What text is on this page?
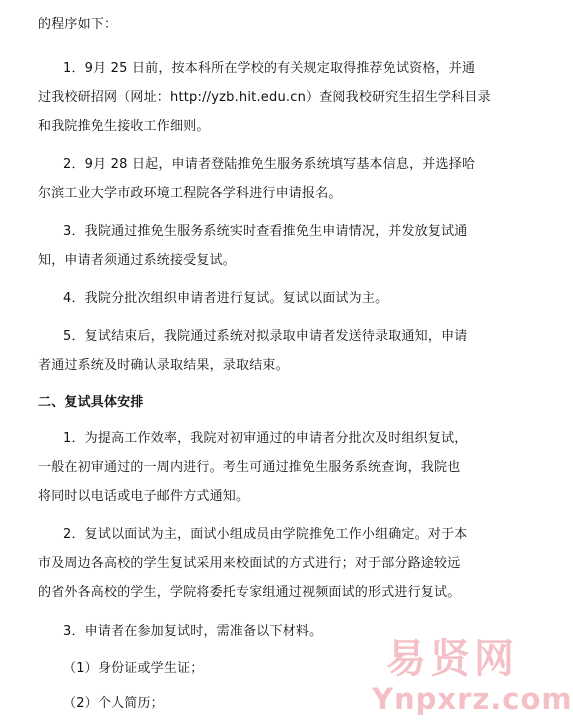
的程序如下：
1．9月 25 日前，按本科所在学校的有关规定取得推荐免试资格，并通
过我校研招网（网址：http://yzb.hit.edu.cn）查阅我校研究生招生学科目录
和我院推免生接收工作细则。
2．9月 28 日起，申请者登陆推免生服务系统填写基本信息，并选择哈
尔滨工业大学市政环境工程院各学科进行申请报名。
3．我院通过推免生服务系统实时查看推免生申请情况，并发放复试通
知，申请者须通过系统接受复试。
4．我院分批次组织申请者进行复试。复试以面试为主。
5．复试结束后，我院通过系统对拟录取申请者发送待录取通知，申请
者通过系统及时确认录取结果，录取结束。
二、复试具体安排
1．为提高工作效率，我院对初审通过的申请者分批次及时组织复试，
一般在初审通过的一周内进行。考生可通过推免生服务系统查询，我院也
将同时以电话或电子邮件方式通知。
2．复试以面试为主，面试小组成员由学院推免工作小组确定。对于本
市及周边各高校的学生复试采用来校面试的方式进行；对于部分路途较远
的省外各高校的学生，学院将委托专家组通过视频面试的形式进行复试。
3．申请者在参加复试时，需准备以下材料。
（1）身份证或学生证；
（2）个人简历；
易贤网
Ynpxrz.com
